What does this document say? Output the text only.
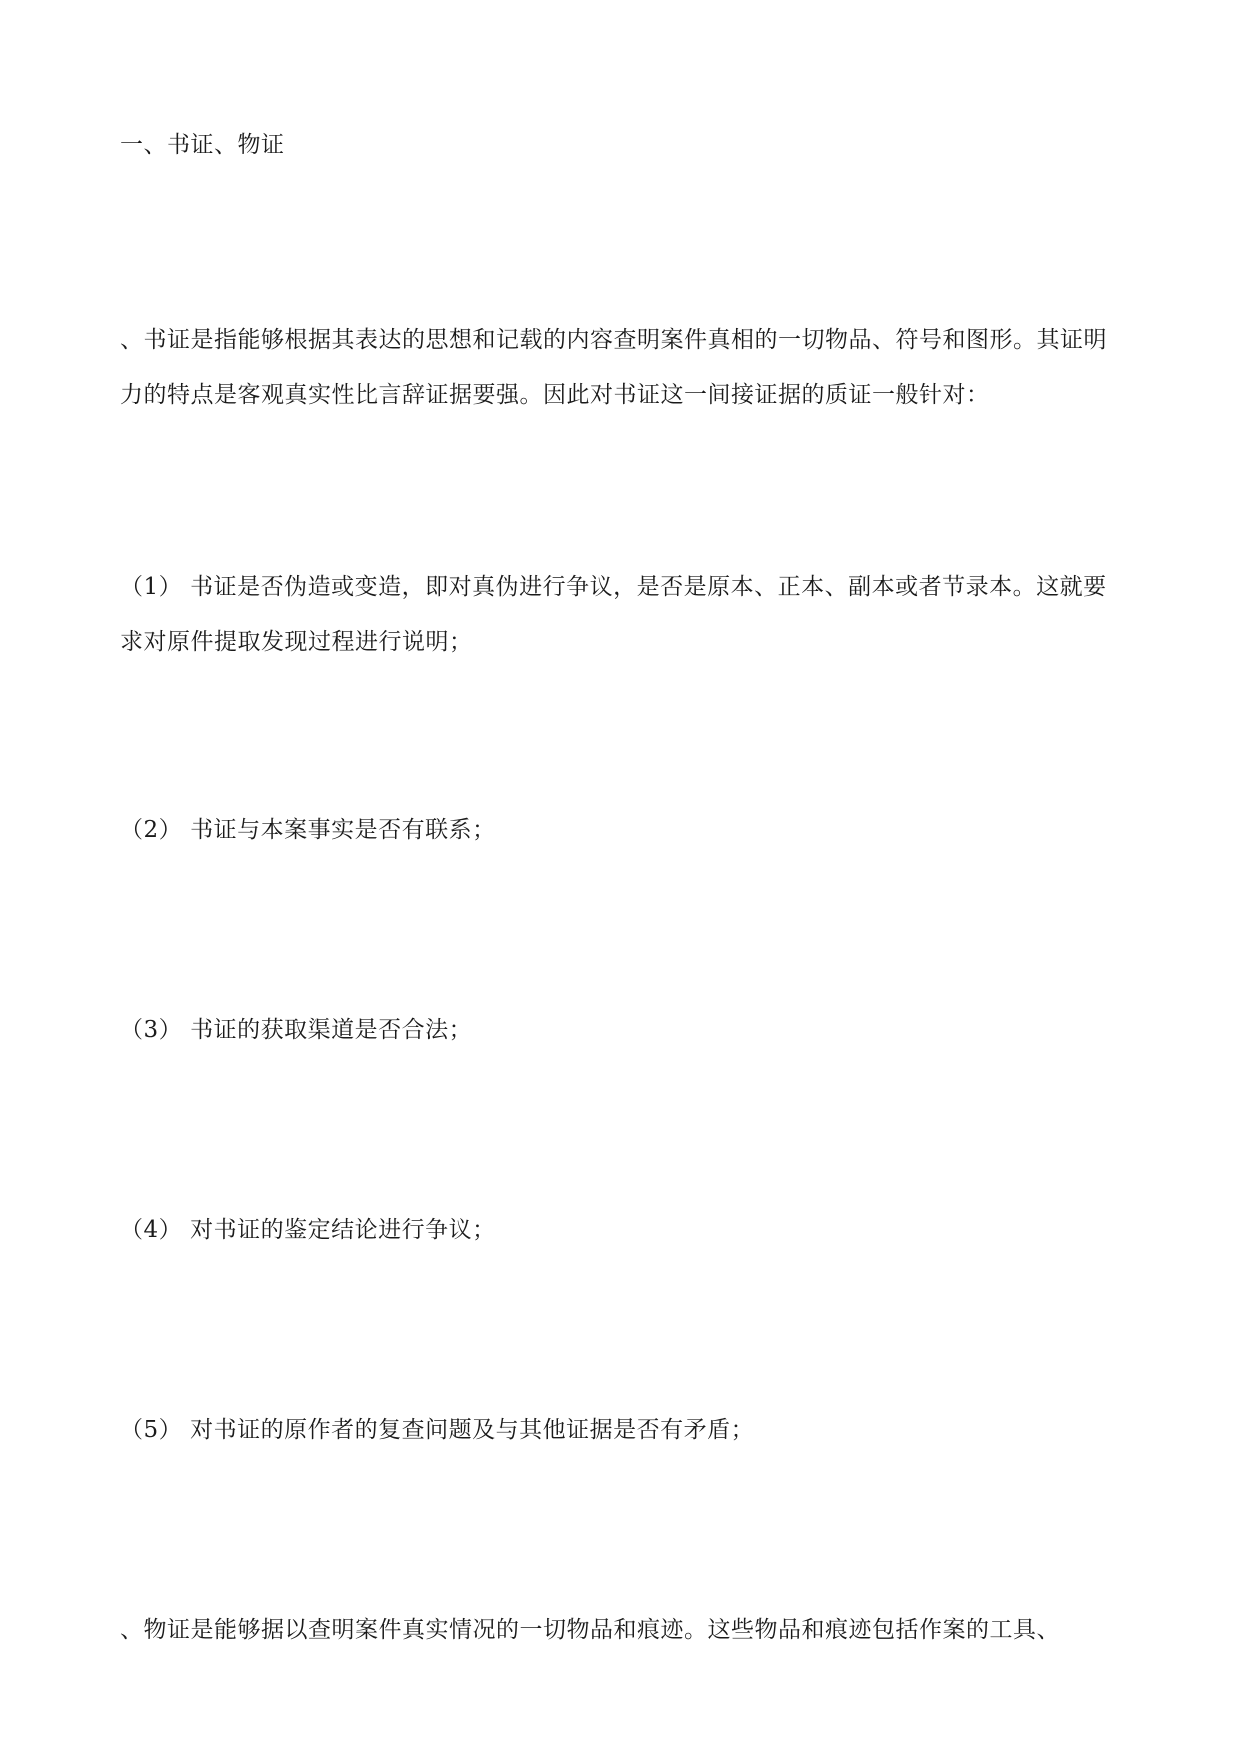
一、书证、物证

、书证是指能够根据其表达的思想和记载的内容查明案件真相的一切物品、符号和图形。其证明力的特点是客观真实性比言辞证据要强。因此对书证这一间接证据的质证一般针对：

（1） 书证是否伪造或变造，即对真伪进行争议，是否是原本、正本、副本或者节录本。这就要求对原件提取发现过程进行说明；

（2） 书证与本案事实是否有联系；

（3） 书证的获取渠道是否合法；

（4） 对书证的鉴定结论进行争议；

（5） 对书证的原作者的复查问题及与其他证据是否有矛盾；

、物证是能够据以查明案件真实情况的一切物品和痕迹。这些物品和痕迹包括作案的工具、
